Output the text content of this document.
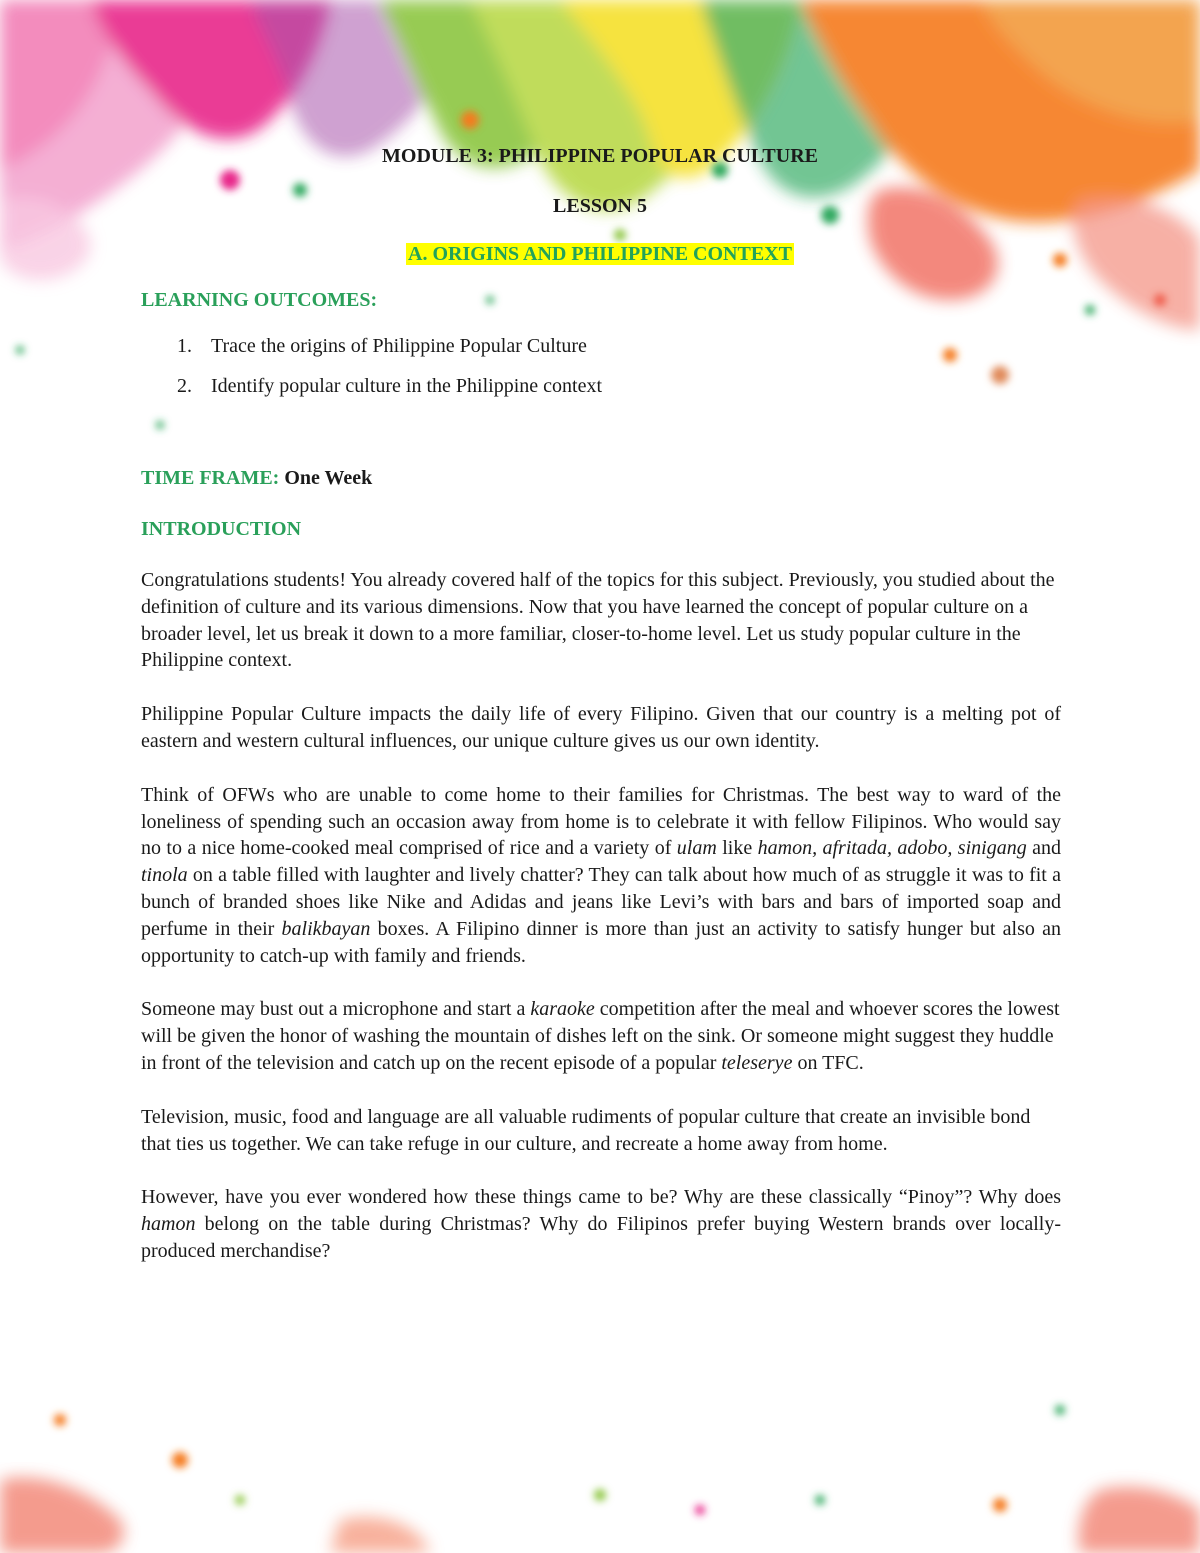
MODULE 3: PHILIPPINE POPULAR CULTURE
LESSON 5
A. ORIGINS AND PHILIPPINE CONTEXT
LEARNING OUTCOMES:
1. Trace the origins of Philippine Popular Culture
2. Identify popular culture in the Philippine context
TIME FRAME: One Week
INTRODUCTION

Congratulations students! You already covered half of the topics for this subject. Previously, you studied about the definition of culture and its various dimensions. Now that you have learned the concept of popular culture on a broader level, let us break it down to a more familiar, closer-to-home level. Let us study popular culture in the Philippine context.

Philippine Popular Culture impacts the daily life of every Filipino. Given that our country is a melting pot of eastern and western cultural influences, our unique culture gives us our own identity.

Think of OFWs who are unable to come home to their families for Christmas. The best way to ward of the loneliness of spending such an occasion away from home is to celebrate it with fellow Filipinos. Who would say no to a nice home-cooked meal comprised of rice and a variety of ulam like hamon, afritada, adobo, sinigang and tinola on a table filled with laughter and lively chatter? They can talk about how much of as struggle it was to fit a bunch of branded shoes like Nike and Adidas and jeans like Levi’s with bars and bars of imported soap and perfume in their balikbayan boxes. A Filipino dinner is more than just an activity to satisfy hunger but also an opportunity to catch-up with family and friends.

Someone may bust out a microphone and start a karaoke competition after the meal and whoever scores the lowest will be given the honor of washing the mountain of dishes left on the sink. Or someone might suggest they huddle in front of the television and catch up on the recent episode of a popular teleserye on TFC.

Television, music, food and language are all valuable rudiments of popular culture that create an invisible bond that ties us together. We can take refuge in our culture, and recreate a home away from home.

However, have you ever wondered how these things came to be? Why are these classically “Pinoy”? Why does hamon belong on the table during Christmas? Why do Filipinos prefer buying Western brands over locally-produced merchandise?
